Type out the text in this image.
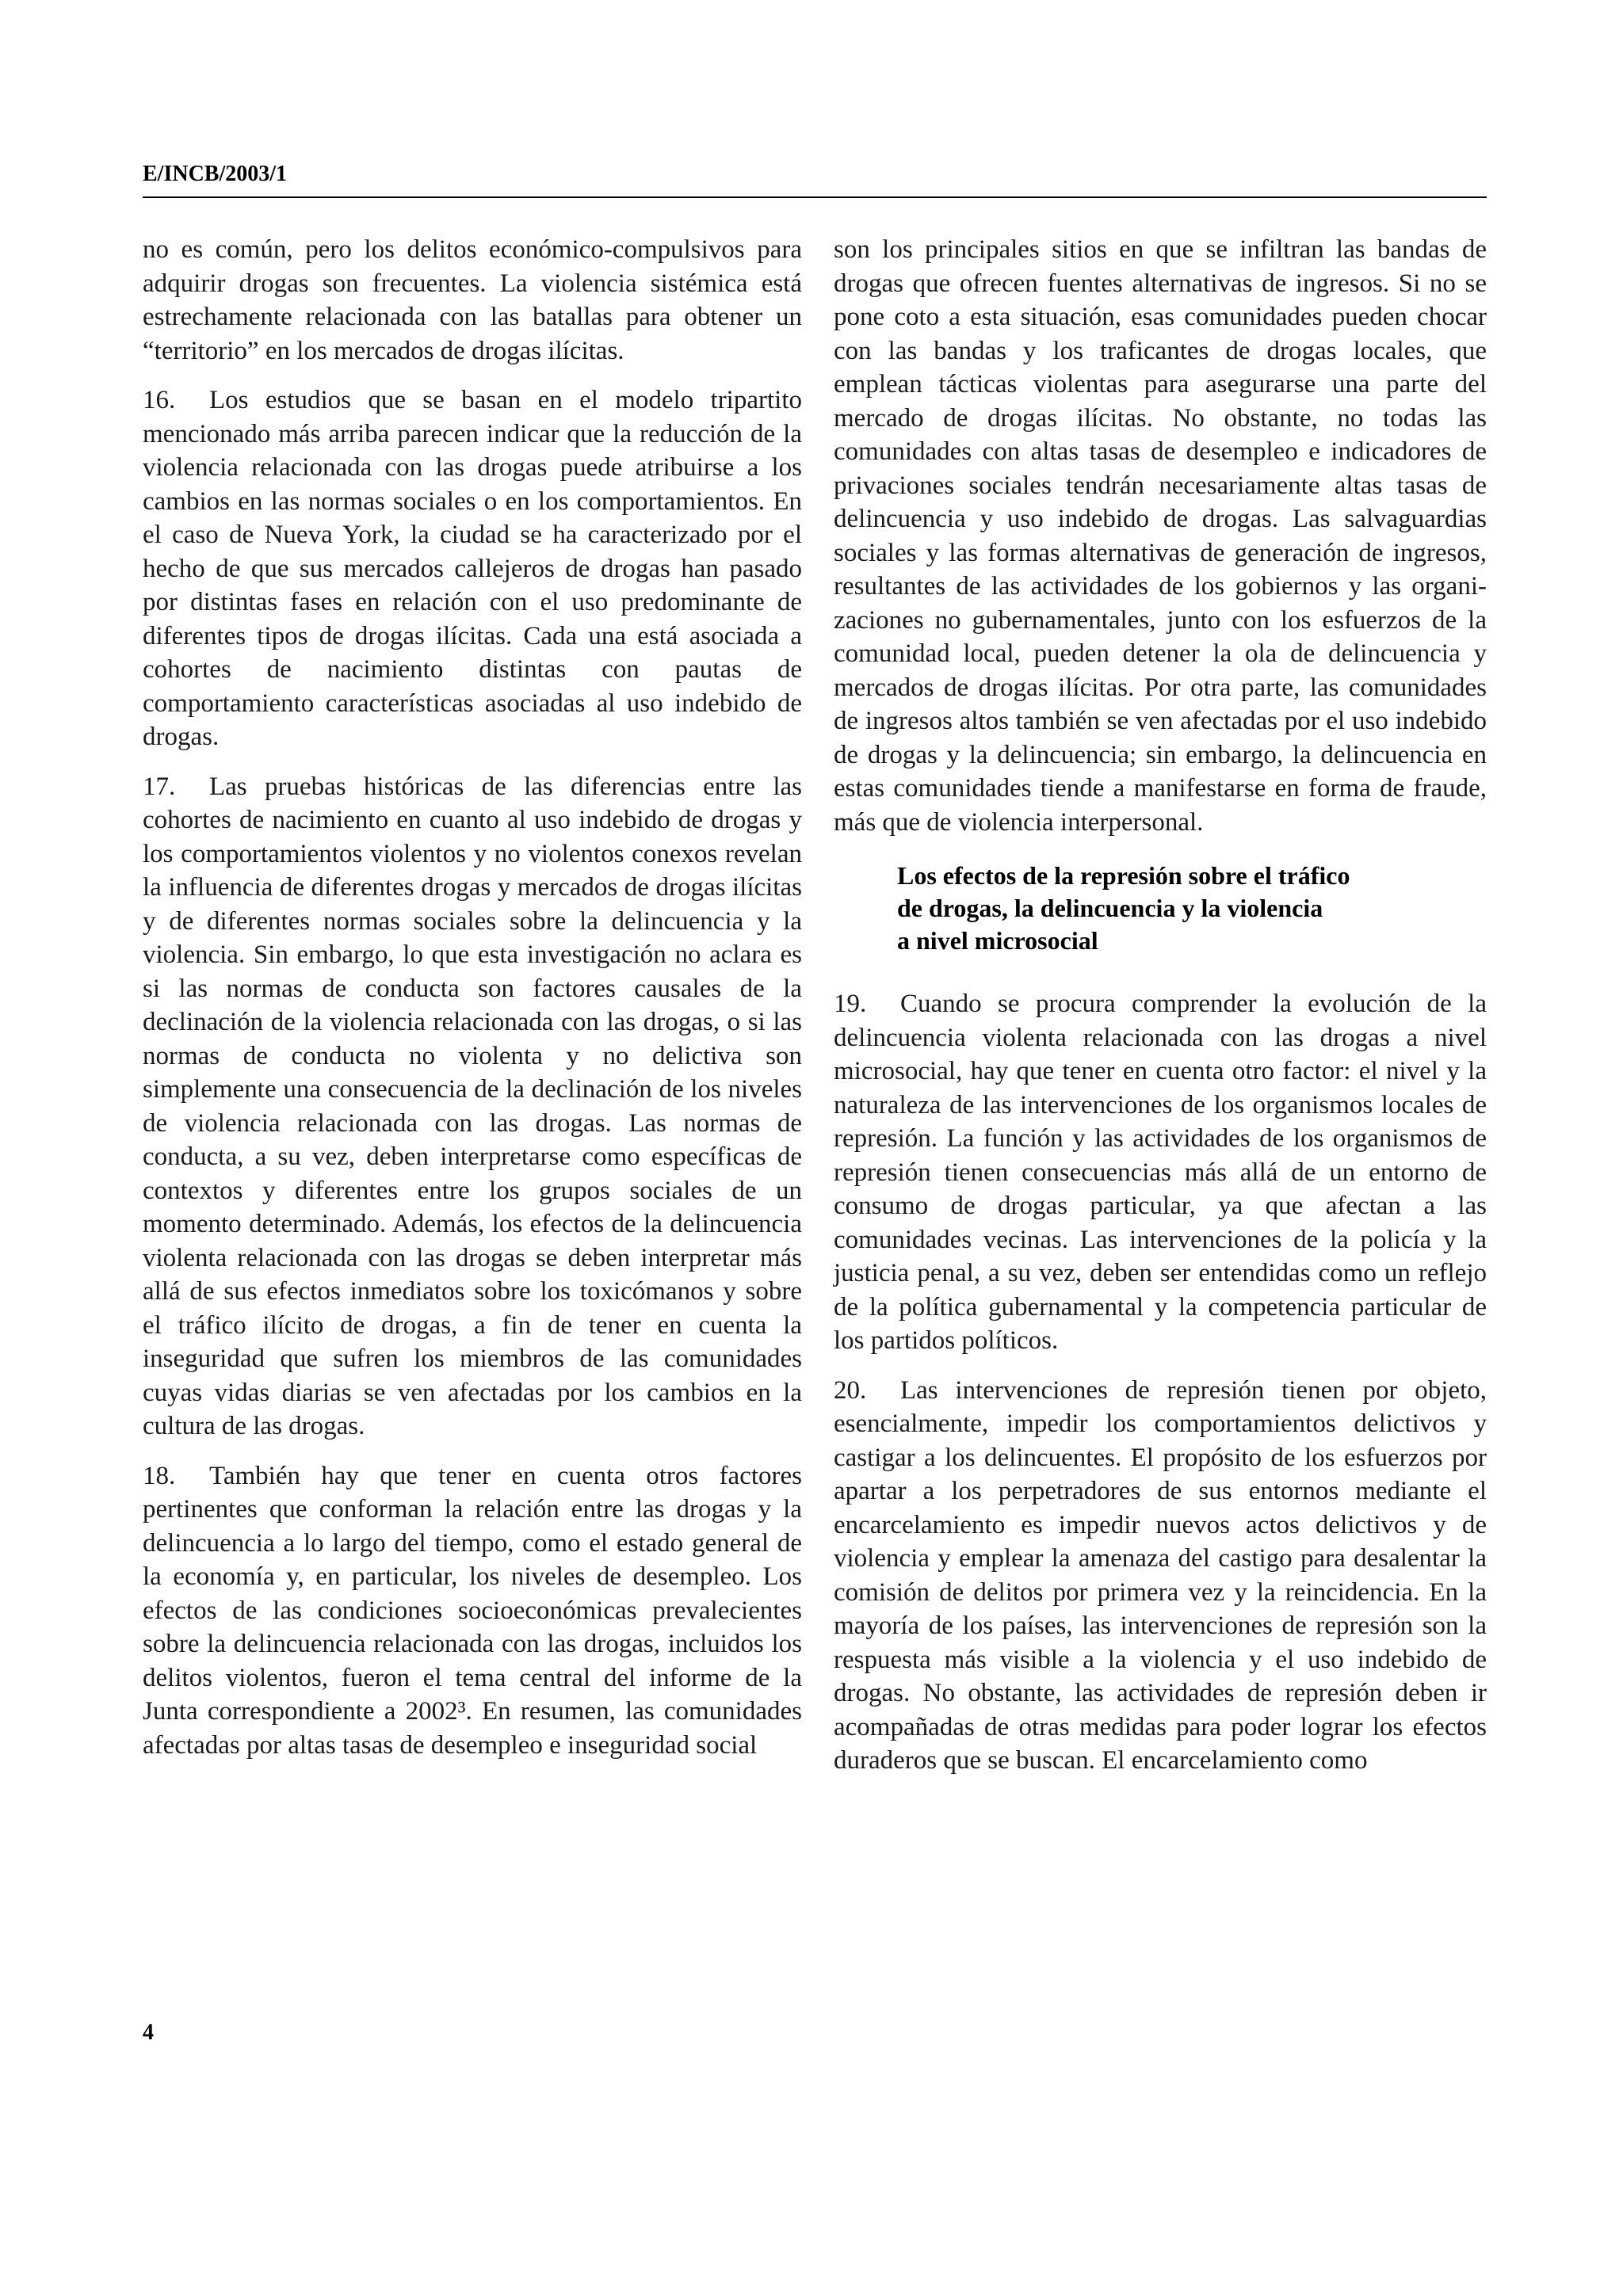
E/INCB/2003/1

no es común, pero los delitos económico-compulsivos para adquirir drogas son frecuentes. La violencia sistémica está estrechamente relacionada con las batallas para obtener un “territorio” en los mercados de drogas ilícitas.

16. Los estudios que se basan en el modelo tripartito mencionado más arriba parecen indicar que la reducción de la violencia relacionada con las drogas puede atribuirse a los cambios en las normas sociales o en los comportamientos. En el caso de Nueva York, la ciudad se ha caracterizado por el hecho de que sus mercados callejeros de drogas han pasado por distintas fases en relación con el uso predominante de diferentes tipos de drogas ilícitas. Cada una está asociada a cohortes de nacimiento distintas con pautas de comportamiento características asociadas al uso indebido de drogas.

17. Las pruebas históricas de las diferencias entre las cohortes de nacimiento en cuanto al uso indebido de drogas y los comportamientos violentos y no violentos conexos revelan la influencia de diferentes drogas y mercados de drogas ilícitas y de diferentes normas sociales sobre la delincuencia y la violencia. Sin embargo, lo que esta investigación no aclara es si las normas de conducta son factores causales de la declinación de la violencia relacionada con las drogas, o si las normas de conducta no violenta y no delictiva son simplemente una consecuencia de la declinación de los niveles de violencia relacionada con las drogas. Las normas de conducta, a su vez, deben interpretarse como específicas de contextos y diferentes entre los grupos sociales de un momento determinado. Además, los efectos de la delincuencia violenta relacionada con las drogas se deben interpretar más allá de sus efectos inmediatos sobre los toxicómanos y sobre el tráfico ilícito de drogas, a fin de tener en cuenta la inseguridad que sufren los miembros de las comunidades cuyas vidas diarias se ven afectadas por los cambios en la cultura de las drogas.

18. También hay que tener en cuenta otros factores pertinentes que conforman la relación entre las drogas y la delincuencia a lo largo del tiempo, como el estado general de la economía y, en particular, los niveles de desempleo. Los efectos de las condiciones socioeconómicas prevalecientes sobre la delincuencia relacionada con las drogas, incluidos los delitos violentos, fueron el tema central del informe de la Junta correspondiente a 2002³. En resumen, las comunidades afectadas por altas tasas de desempleo e inseguridad social

son los principales sitios en que se infiltran las bandas de drogas que ofrecen fuentes alternativas de ingresos. Si no se pone coto a esta situación, esas comunidades pueden chocar con las bandas y los traficantes de drogas locales, que emplean tácticas violentas para asegurarse una parte del mercado de drogas ilícitas. No obstante, no todas las comunidades con altas tasas de desempleo e indicadores de privaciones sociales tendrán necesariamente altas tasas de delincuencia y uso indebido de drogas. Las salvaguardias sociales y las formas alternativas de generación de ingresos, resultantes de las actividades de los gobiernos y las organizaciones no gubernamentales, junto con los esfuerzos de la comunidad local, pueden detener la ola de delincuencia y mercados de drogas ilícitas. Por otra parte, las comunidades de ingresos altos también se ven afectadas por el uso indebido de drogas y la delincuencia; sin embargo, la delincuencia en estas comunidades tiende a manifestarse en forma de fraude, más que de violencia interpersonal.

Los efectos de la represión sobre el tráfico
de drogas, la delincuencia y la violencia
a nivel microsocial

19. Cuando se procura comprender la evolución de la delincuencia violenta relacionada con las drogas a nivel microsocial, hay que tener en cuenta otro factor: el nivel y la naturaleza de las intervenciones de los organismos locales de represión. La función y las actividades de los organismos de represión tienen consecuencias más allá de un entorno de consumo de drogas particular, ya que afectan a las comunidades vecinas. Las intervenciones de la policía y la justicia penal, a su vez, deben ser entendidas como un reflejo de la política gubernamental y la competencia particular de los partidos políticos.

20. Las intervenciones de represión tienen por objeto, esencialmente, impedir los comportamientos delictivos y castigar a los delincuentes. El propósito de los esfuerzos por apartar a los perpetradores de sus entornos mediante el encarcelamiento es impedir nuevos actos delictivos y de violencia y emplear la amenaza del castigo para desalentar la comisión de delitos por primera vez y la reincidencia. En la mayoría de los países, las intervenciones de represión son la respuesta más visible a la violencia y el uso indebido de drogas. No obstante, las actividades de represión deben ir acompañadas de otras medidas para poder lograr los efectos duraderos que se buscan. El encarcelamiento como

4
